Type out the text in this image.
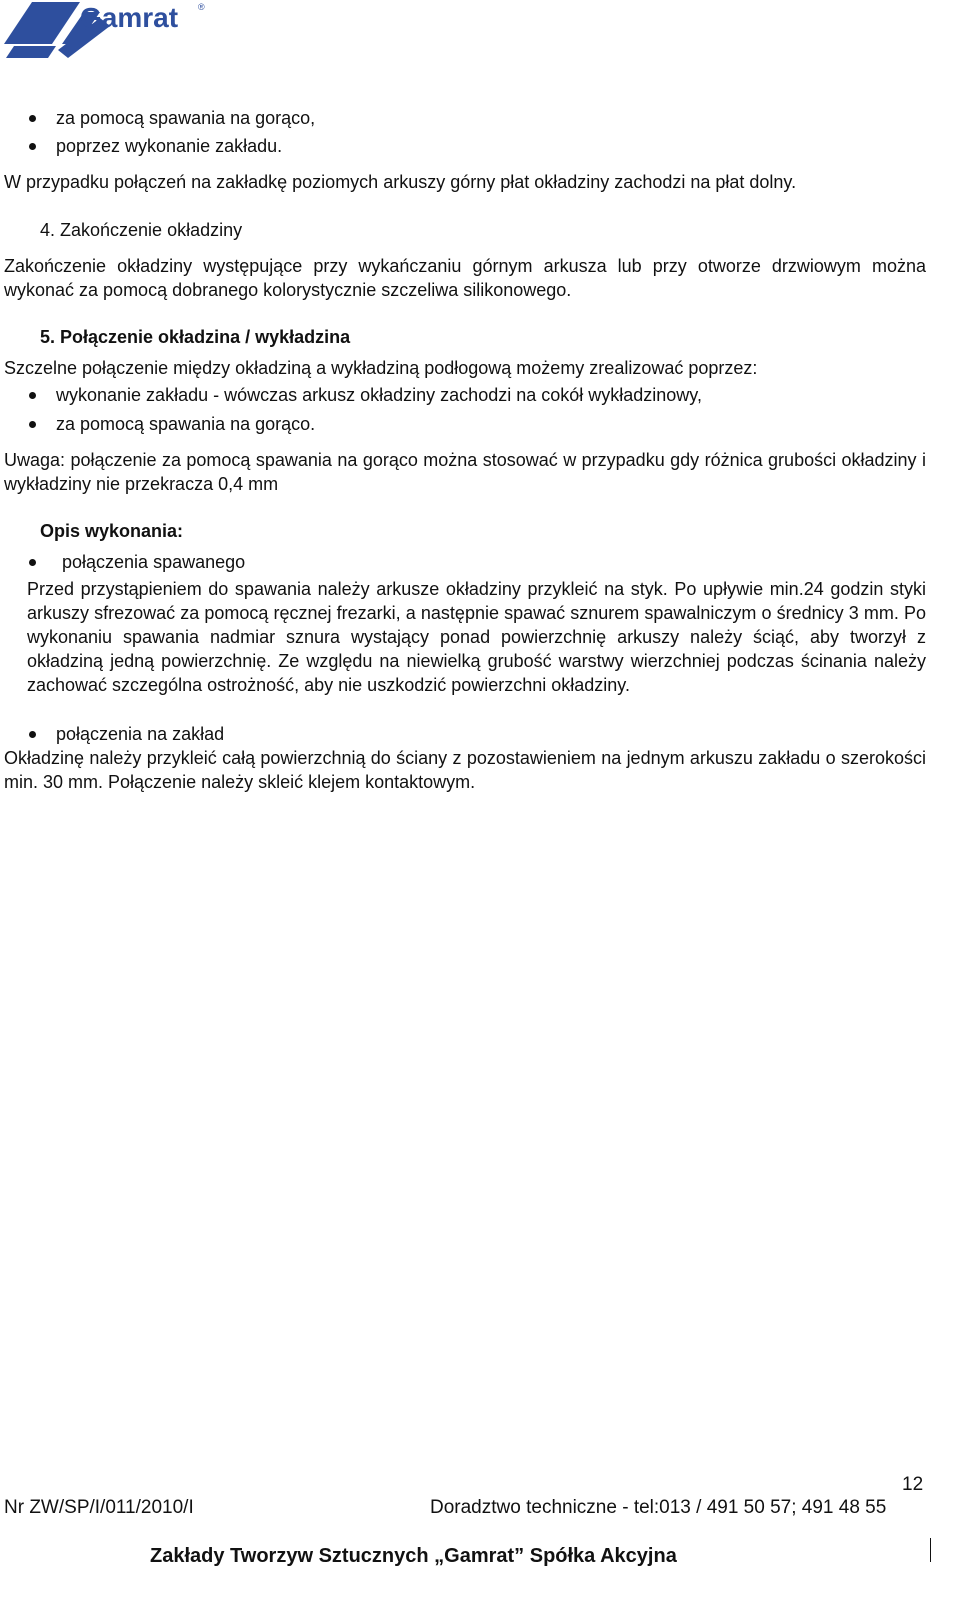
Gamrat ®
za pomocą spawania na gorąco,
poprzez wykonanie zakładu.
W przypadku połączeń na zakładkę poziomych arkuszy górny płat okładziny zachodzi na płat dolny.
4. Zakończenie okładziny
Zakończenie okładziny występujące przy wykańczaniu górnym arkusza lub przy otworze drzwiowym można wykonać za pomocą dobranego kolorystycznie szczeliwa silikonowego.
5. Połączenie okładzina / wykładzina
Szczelne połączenie między okładziną a wykładziną podłogową możemy zrealizować poprzez:
wykonanie zakładu - wówczas arkusz okładziny zachodzi na cokół wykładzinowy,
za pomocą spawania na gorąco.
Uwaga: połączenie za pomocą spawania na gorąco można stosować w przypadku gdy różnica grubości okładziny i wykładziny nie przekracza 0,4 mm
Opis wykonania:
połączenia spawanego
Przed przystąpieniem do spawania należy arkusze okładziny przykleić na styk. Po upływie min.24 godzin styki arkuszy sfrezować za pomocą ręcznej frezarki, a następnie spawać sznurem spawalniczym o średnicy 3 mm. Po wykonaniu spawania nadmiar sznura wystający ponad powierzchnię arkuszy należy ściąć, aby tworzył z okładziną jedną powierzchnię. Ze względu na niewielką grubość warstwy wierzchniej podczas ścinania należy zachować szczególna ostrożność, aby nie uszkodzić powierzchni okładziny.
połączenia na zakład
Okładzinę należy przykleić całą powierzchnią do ściany z pozostawieniem na jednym arkuszu zakładu o szerokości min. 30 mm. Połączenie należy skleić klejem kontaktowym.
12
Nr ZW/SP/I/011/2010/I	Doradztwo techniczne - tel:013 / 491 50 57; 491 48 55
Zakłady Tworzyw Sztucznych „Gamrat” Spółka Akcyjna
